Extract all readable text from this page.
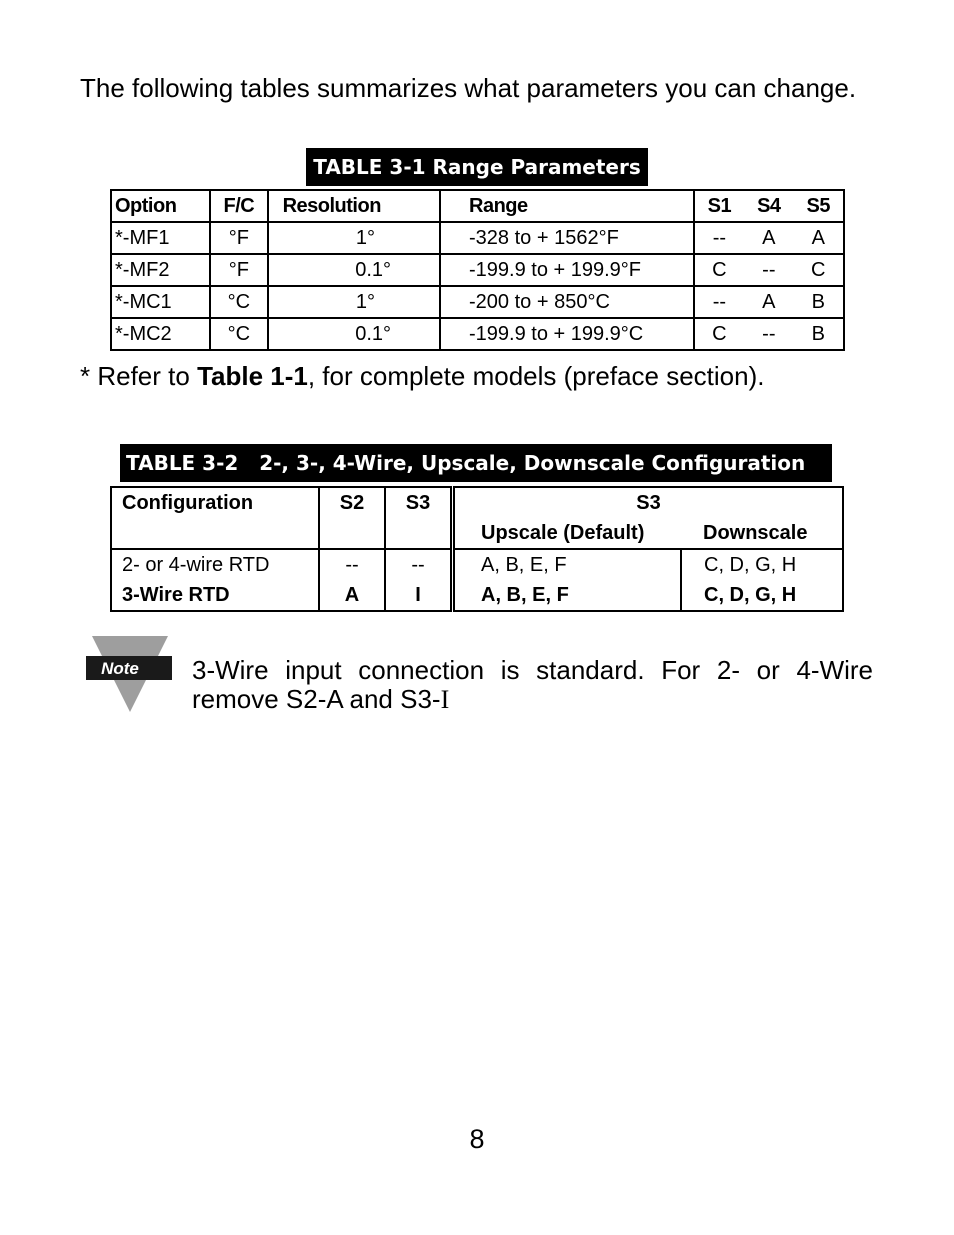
The following tables summarizes what parameters you can change.

TABLE 3-1 Range Parameters
Option	F/C	Resolution	Range	S1	S4	S5
*-MF1	°F	1°	-328 to + 1562°F	--	A	A
*-MF2	°F	0.1°	-199.9 to + 199.9°F	C	--	C
*-MC1	°C	1°	-200 to + 850°C	--	A	B
*-MC2	°C	0.1°	-199.9 to + 199.9°C	C	--	B

* Refer to Table 1-1, for complete models (preface section).

TABLE 3-2   2-, 3-, 4-Wire, Upscale, Downscale Configuration
Configuration	S2	S3	S3	
			Upscale (Default)	Downscale
2- or 4-wire RTD	--	--	A, B, E, F	C, D, G, H
3-Wire RTD	A	I	A, B, E, F	C, D, G, H
Note 3-Wire input connection is standard. For 2- or 4-Wire remove S2-A and S3-I

8
